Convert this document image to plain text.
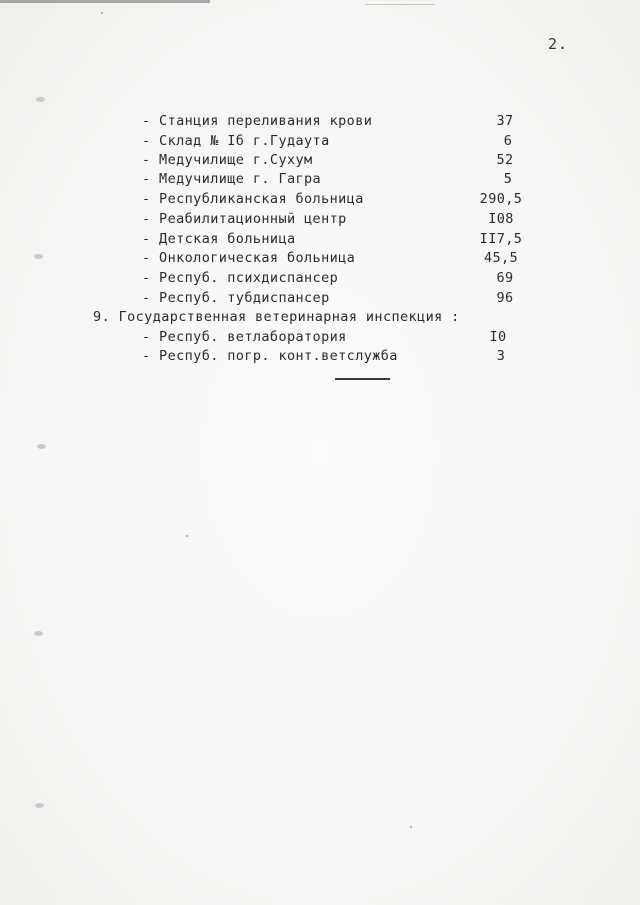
2.
- Станция переливания крови	37
- Склад № Іб г.Гудаута	6
- Медучилище г.Сухум	52
- Медучилище г. Гагра	5
- Республиканская больница	290,5
- Реабилитационный центр	І08
- Детская больница	ІІ7,5
- Онкологическая больница	45,5
- Респуб. психдиспансер	69
- Респуб. тубдиспансер	96
9. Государственная ветеринарная инспекция :
- Респуб. ветлаборатория	І0
- Респуб. погр. конт.ветслужба	3
